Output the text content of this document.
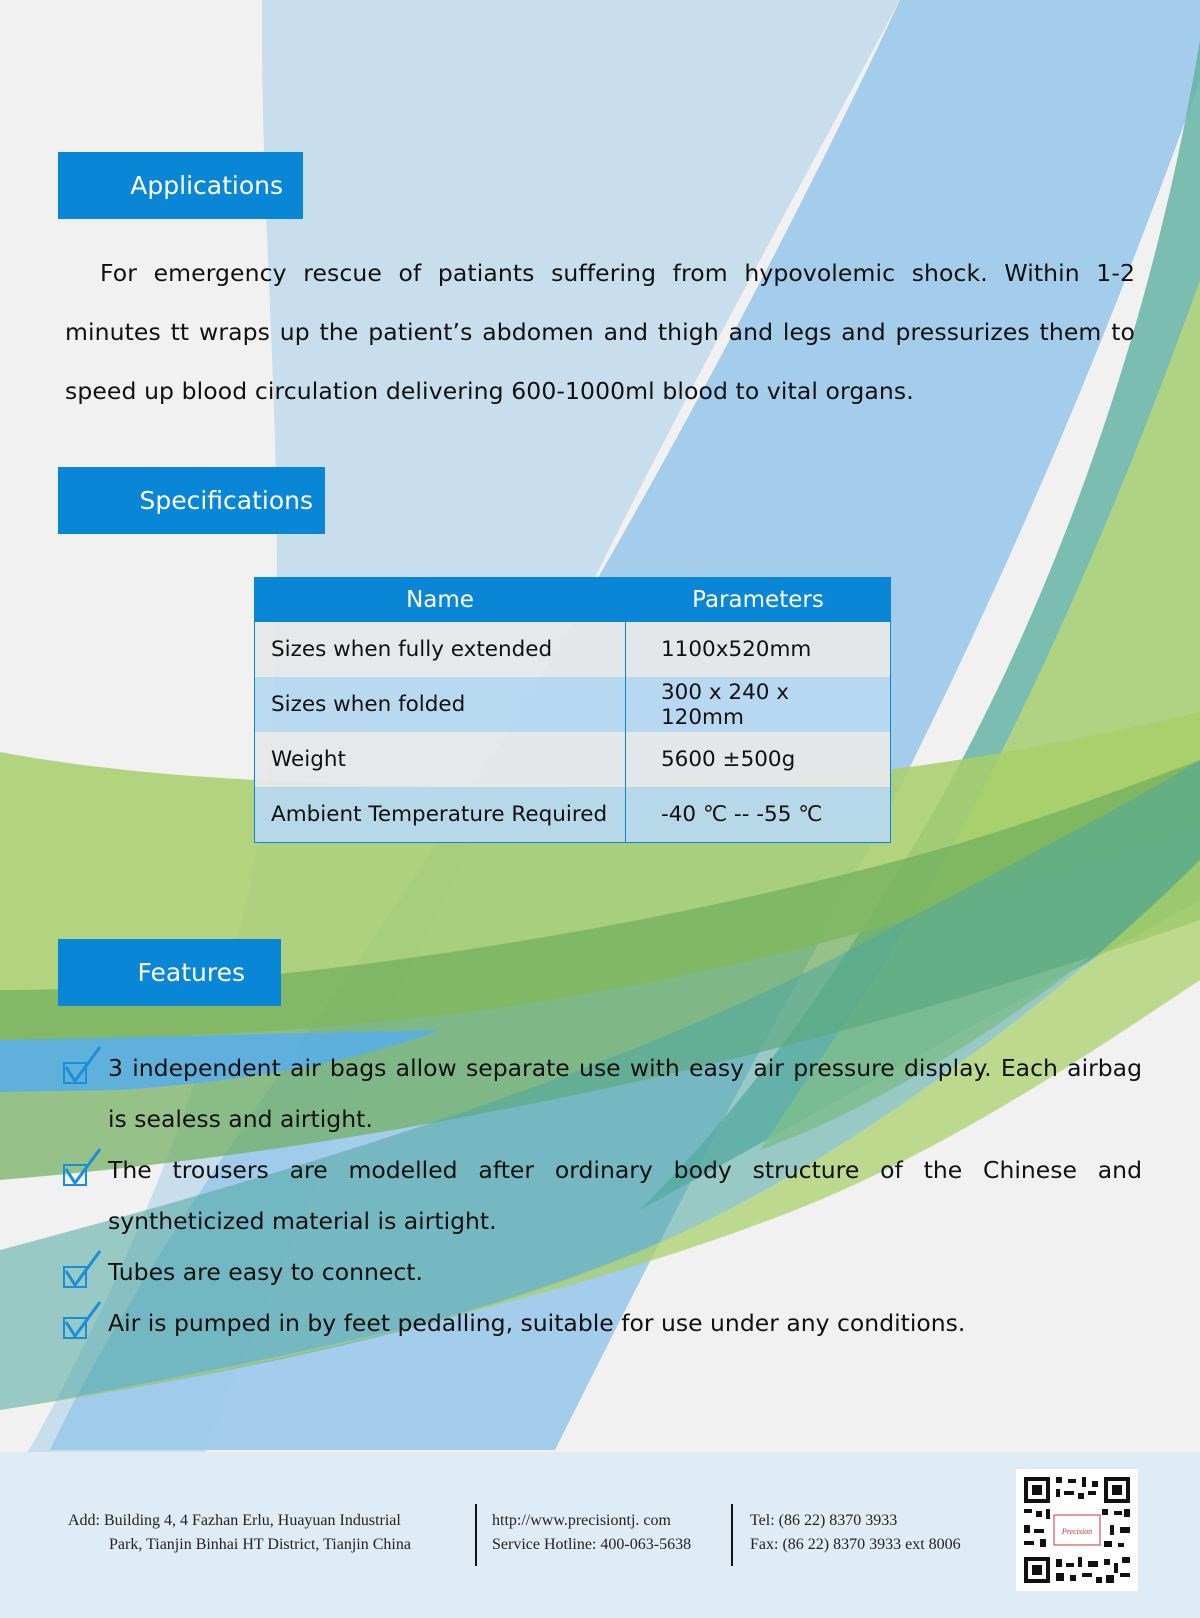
Applications
For emergency rescue of patiants suffering from hypovolemic shock. Within 1-2 minutes tt wraps up the patient’s abdomen and thigh and legs and pressurizes them to speed up blood circulation delivering 600-1000ml blood to vital organs.
Specifications
Name	Parameters
Sizes when fully extended	1100x520mm
Sizes when folded	300 x 240 x 120mm
Weight	5600 ±500g
Ambient Temperature Required	-40 ℃ -- -55 ℃
Features
3 independent air bags allow separate use with easy air pressure display. Each airbag is sealess and airtight.
The trousers are modelled after ordinary body structure of the Chinese and syntheticized material is airtight.
Tubes are easy to connect.
Air is pumped in by feet pedalling, suitable for use under any conditions.
Add: Building 4, 4 Fazhan Erlu, Huayuan Industrial
Park, Tianjin Binhai HT District, Tianjin China
http://www.precisiontj. com
Service Hotline: 400-063-5638
Tel: (86 22) 8370 3933
Fax: (86 22) 8370 3933 ext 8006
Precision
